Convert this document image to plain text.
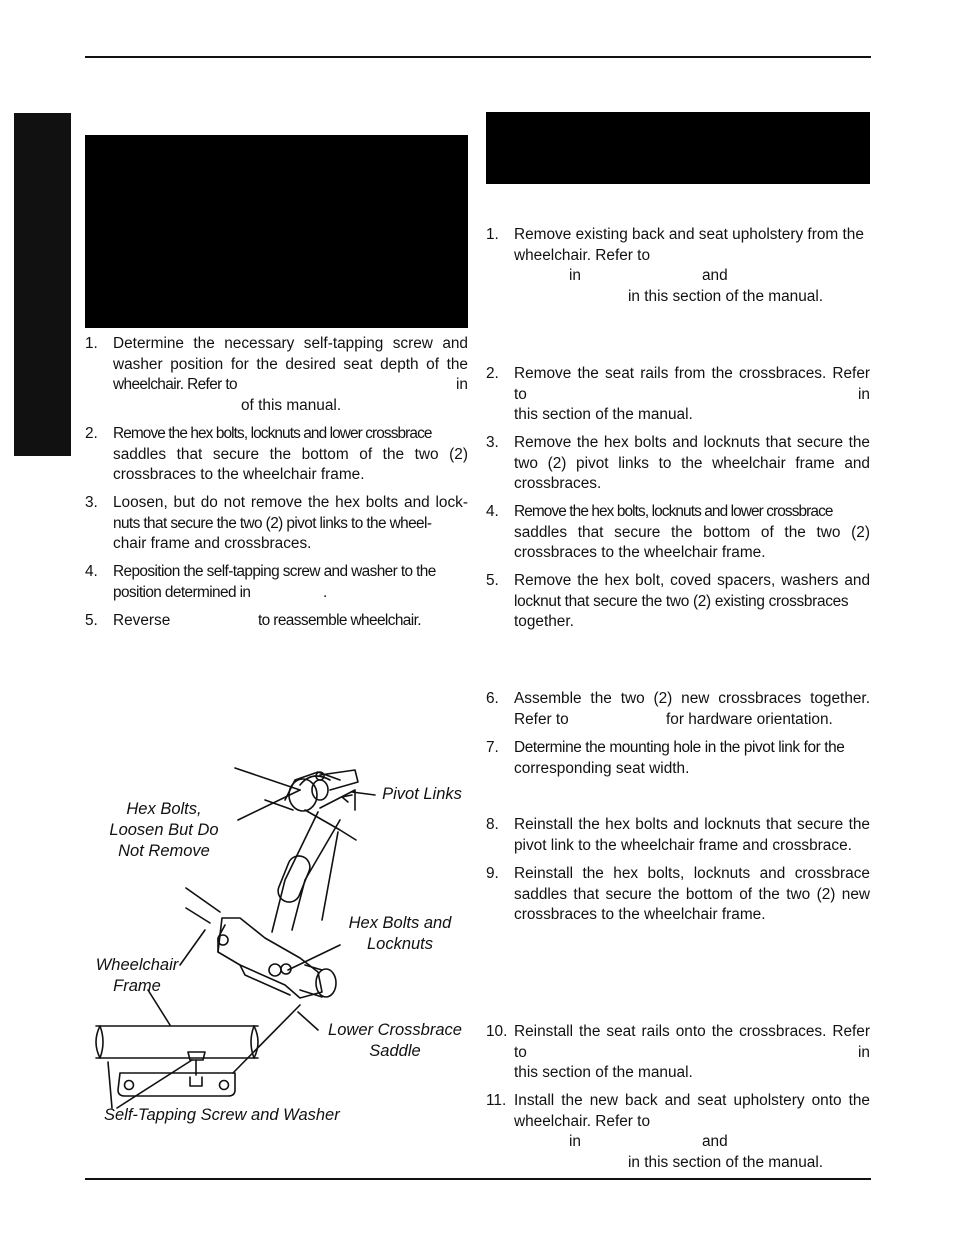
1. Determine the necessary self-tapping screw and
washer position for the desired seat depth of the
wheelchair. Refer to	in
of this manual.
2. Remove the hex bolts, locknuts and lower crossbrace
saddles that secure the bottom of the two (2)
crossbraces to the wheelchair frame.
3. Loosen, but do not remove the hex bolts and lock-
nuts that secure the two (2) pivot links to the wheel-
chair frame and crossbraces.
4. Reposition the self-tapping screw and washer to the
position determined in	.
5. Reverse	to reassemble wheelchair.
Pivot Links
Hex Bolts,
Loosen But Do
Not Remove
Hex Bolts and
Locknuts
Wheelchair
Frame
Lower Crossbrace
Saddle
Self-Tapping Screw and Washer
1. Remove existing back and seat upholstery from the
wheelchair. Refer to
in	and
in this section of the manual.
2. Remove the seat rails from the crossbraces. Refer
to	in
this section of the manual.
3. Remove the hex bolts and locknuts that secure the
two (2) pivot links to the wheelchair frame and
crossbraces.
4. Remove the hex bolts, locknuts and lower crossbrace
saddles that secure the bottom of the two (2)
crossbraces to the wheelchair frame.
5. Remove the hex bolt, coved spacers, washers and
locknut that secure the two (2) existing crossbraces
together.
6. Assemble the two (2) new crossbraces together.
Refer to	for hardware orientation.
7. Determine the mounting hole in the pivot link for the
corresponding seat width.
8. Reinstall the hex bolts and locknuts that secure the
pivot link to the wheelchair frame and crossbrace.
9. Reinstall the hex bolts, locknuts and crossbrace
saddles that secure the bottom of the two (2) new
crossbraces to the wheelchair frame.
10. Reinstall the seat rails onto the crossbraces. Refer
to	in
this section of the manual.
11. Install the new back and seat upholstery onto the
wheelchair. Refer to
in	and
in this section of the manual.
